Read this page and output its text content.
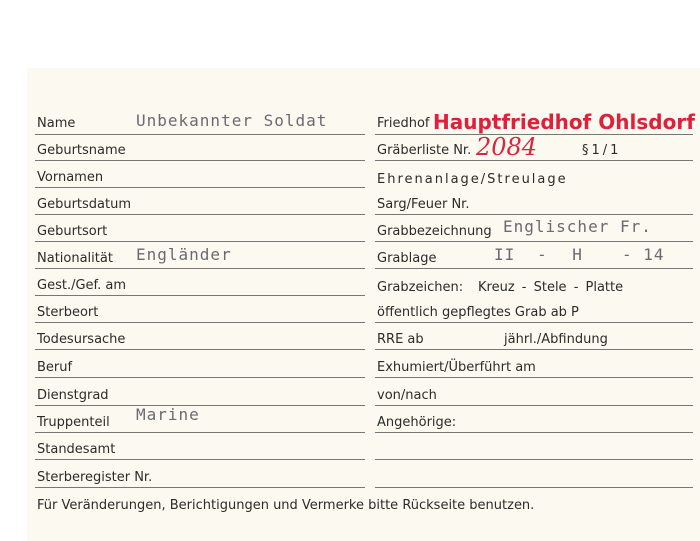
Name	Unbekannter Soldat
Geburtsname
Vornamen
Geburtsdatum
Geburtsort
Nationalität Engländer
Gest./Gef. am
Sterbeort
Todesursache
Beruf
Dienstgrad
Truppenteil Marine
Standesamt
Sterberegister Nr.
Friedhof Hauptfriedhof Ohlsdorf
Gräberliste Nr. 2084	§1/1
Ehrenanlage/Streulage
Sarg/Feuer Nr.
Grabbezeichnung Englischer Fr.
Grablage	II - H - 14
Grabzeichen: Kreuz - Stele - Platte
öffentlich gepflegtes Grab ab P
RRE ab	jährl./Abfindung
Exhumiert/Überführt am
von/nach
Angehörige:
Für Veränderungen, Berichtigungen und Vermerke bitte Rückseite benutzen.
